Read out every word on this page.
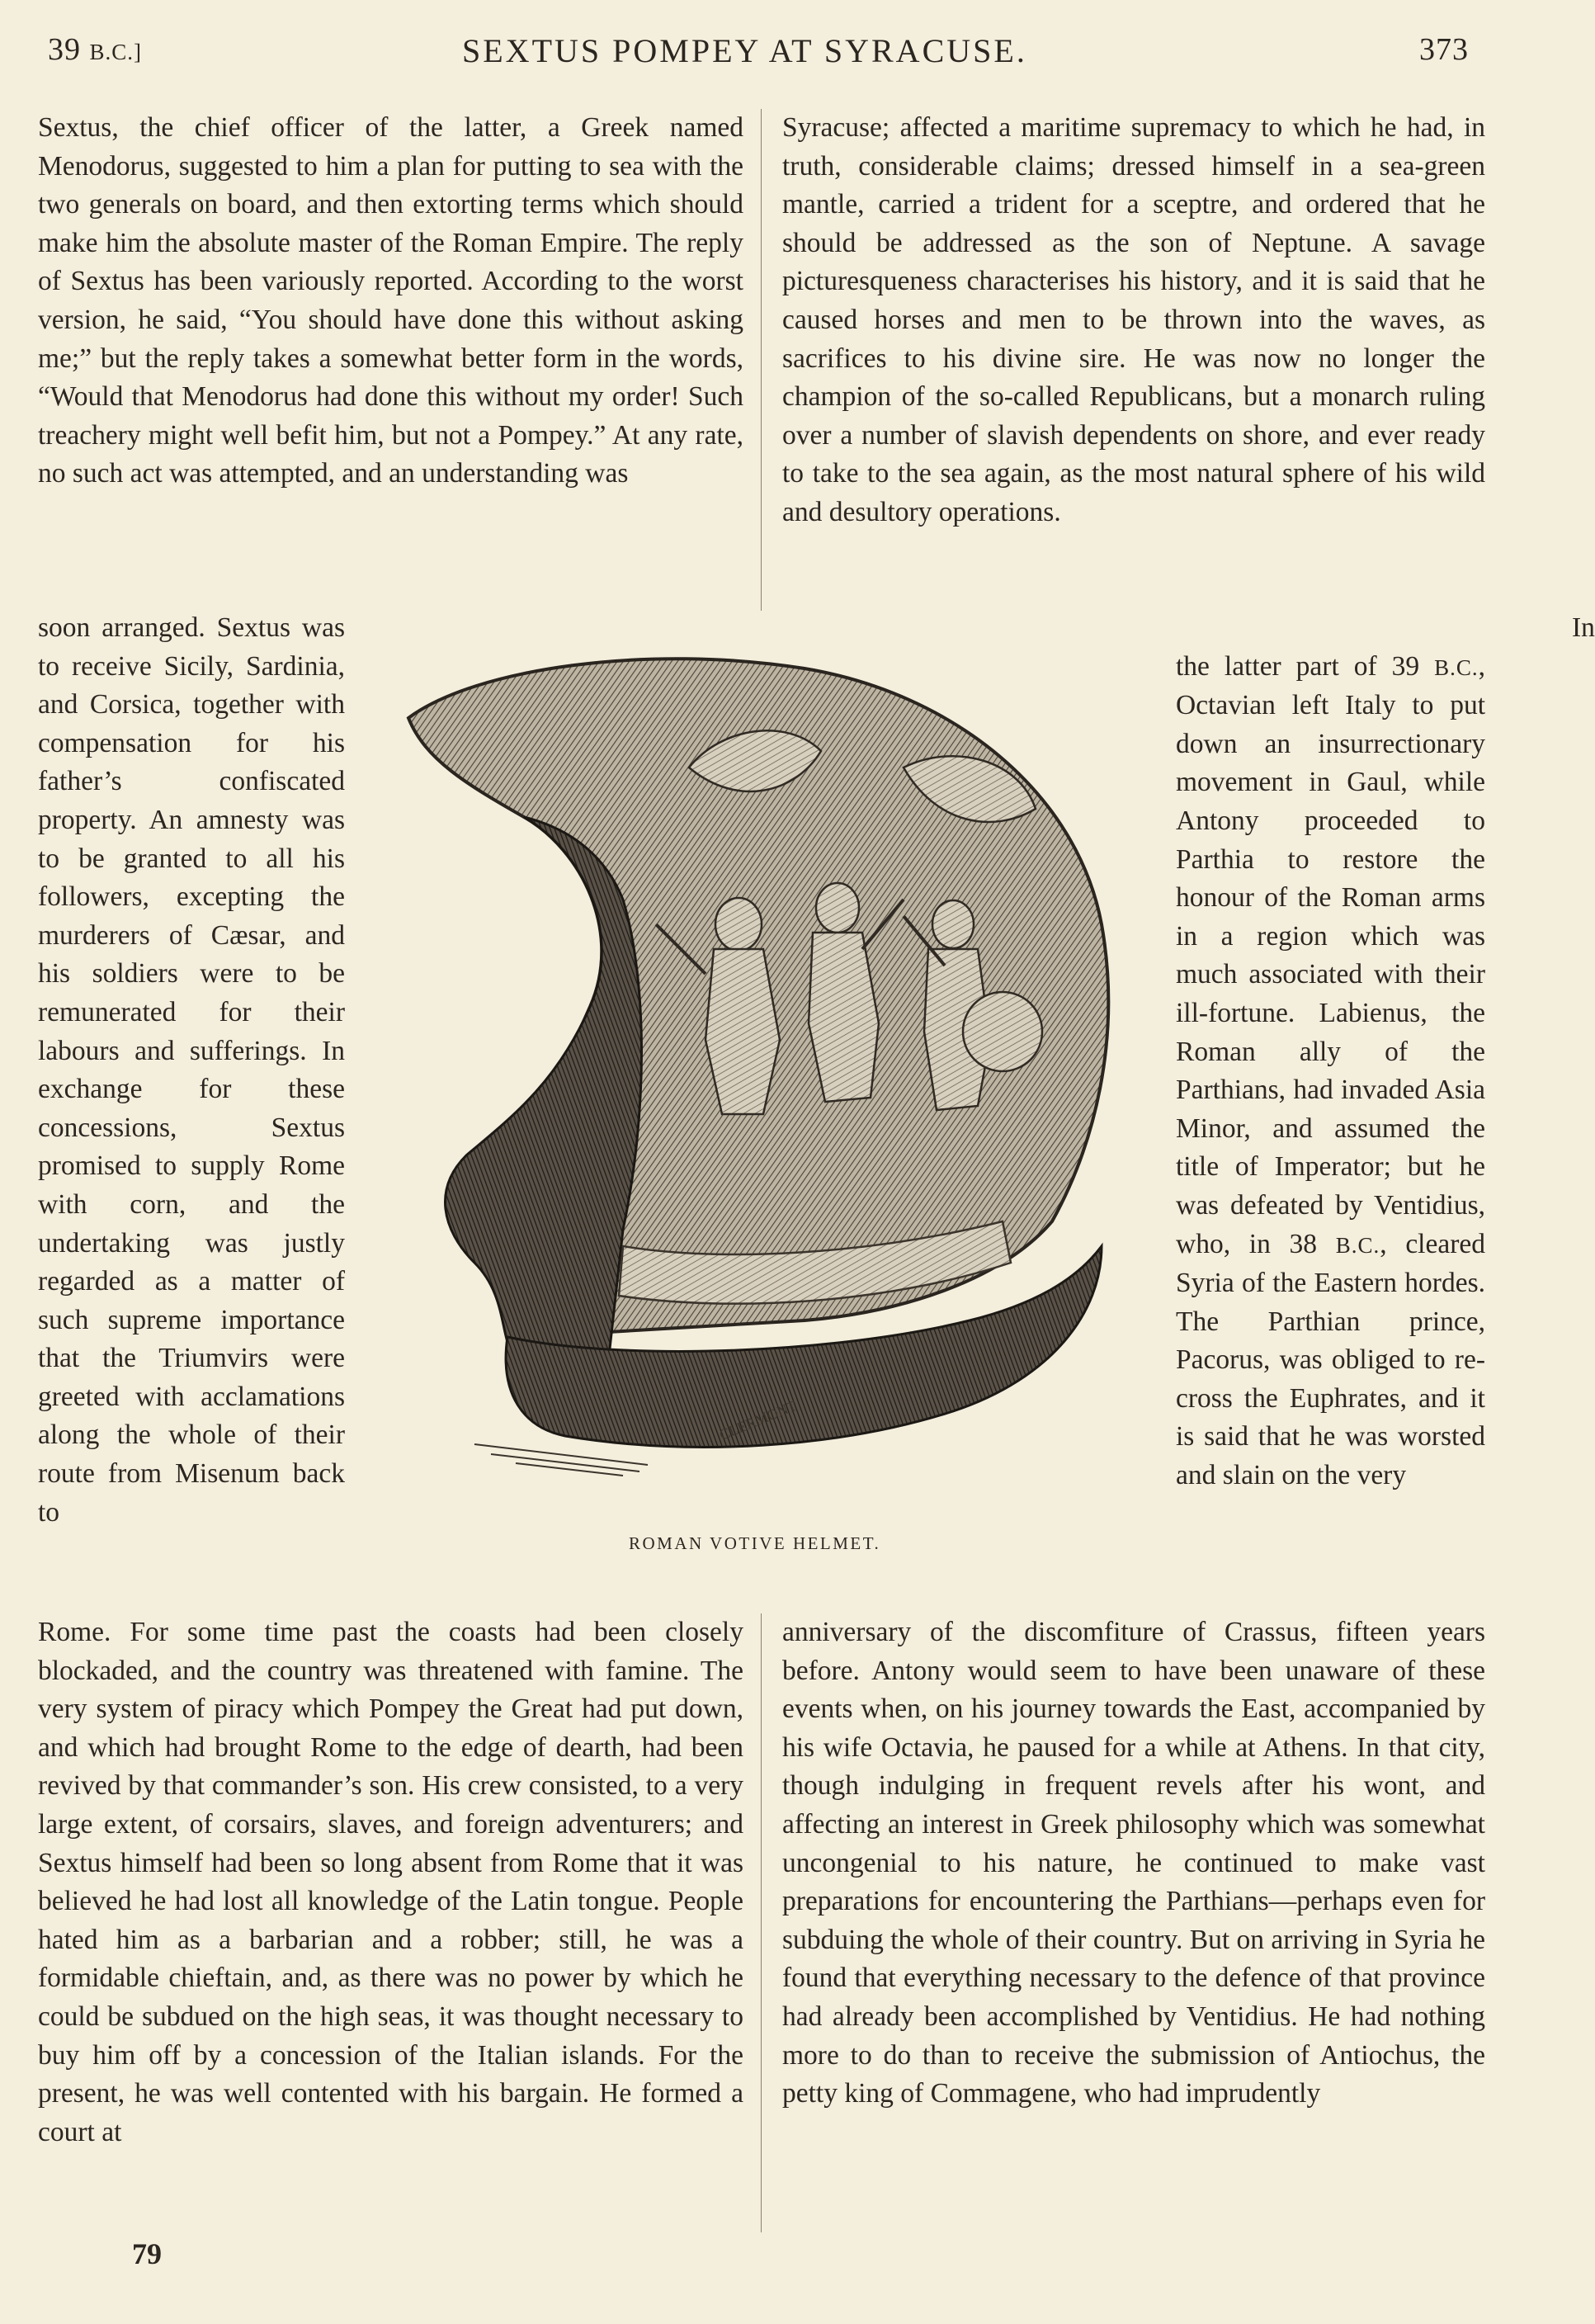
39 B.C.]	SEXTUS POMPEY AT SYRACUSE.	373

Sextus, the chief officer of the latter, a Greek named Menodorus, suggested to him a plan for putting to sea with the two generals on board, and then extorting terms which should make him the absolute master of the Roman Empire. The reply of Sextus has been variously reported. According to the worst version, he said, “You should have done this without asking me;” but the reply takes a somewhat better form in the words, “Would that Menodorus had done this without my order! Such treachery might well befit him, but not a Pompey.” At any rate, no such act was attempted, and an understanding was

soon arranged. Sextus was to receive Sicily, Sardinia, and Corsica, together with compensation for his father’s confiscated property. An amnesty was to be granted to all his followers, excepting the murderers of Cæsar, and his soldiers were to be remunerated for their labours and sufferings. In exchange for these concessions, Sextus promised to supply Rome with corn, and the undertaking was justly regarded as a matter of such supreme importance that the Triumvirs were greeted with acclamations along the whole of their route from Misenum back to

Rome. For some time past the coasts had been closely blockaded, and the country was threatened with famine. The very system of piracy which Pompey the Great had put down, and which had brought Rome to the edge of dearth, had been revived by that commander’s son. His crew consisted, to a very large extent, of corsairs, slaves, and foreign adventurers; and Sextus himself had been so long absent from Rome that it was believed he had lost all knowledge of the Latin tongue. People hated him as a barbarian and a robber; still, he was a formidable chieftain, and, as there was no power by which he could be subdued on the high seas, it was thought necessary to buy him off by a concession of the Italian islands. For the present, he was well contented with his bargain. He formed a court at

Syracuse; affected a maritime supremacy to which he had, in truth, considerable claims; dressed himself in a sea-green mantle, carried a trident for a sceptre, and ordered that he should be addressed as the son of Neptune. A savage picturesqueness characterises his history, and it is said that he caused horses and men to be thrown into the waves, as sacrifices to his divine sire. He was now no longer the champion of the so-called Republicans, but a monarch ruling over a number of slavish dependents on shore, and ever ready to take to the sea again, as the most natural sphere of his wild and desultory operations.

In the latter part of 39 B.C., Octavian left Italy to put down an insurrectionary movement in Gaul, while Antony proceeded to Parthia to restore the honour of the Roman arms in a region which was much associated with their ill-fortune. Labienus, the Roman ally of the Parthians, had invaded Asia Minor, and assumed the title of Imperator; but he was defeated by Ventidius, who, in 38 B.C., cleared Syria of the Eastern hordes. The Parthian prince, Pacorus, was obliged to re-cross the Euphrates, and it is said that he was worsted and slain on the very

anniversary of the discomfiture of Crassus, fifteen years before. Antony would seem to have been unaware of these events when, on his journey towards the East, accompanied by his wife Octavia, he paused for a while at Athens. In that city, though indulging in frequent revels after his wont, and affecting an interest in Greek philosophy which was somewhat uncongenial to his nature, he continued to make vast preparations for encountering the Parthians—perhaps even for subduing the whole of their country. But on arriving in Syria he found that everything necessary to the defence of that province had already been accomplished by Ventidius. He had nothing more to do than to receive the submission of Antiochus, the petty king of Commagene, who had imprudently

CLERMONT
ROMAN VOTIVE HELMET.
79
